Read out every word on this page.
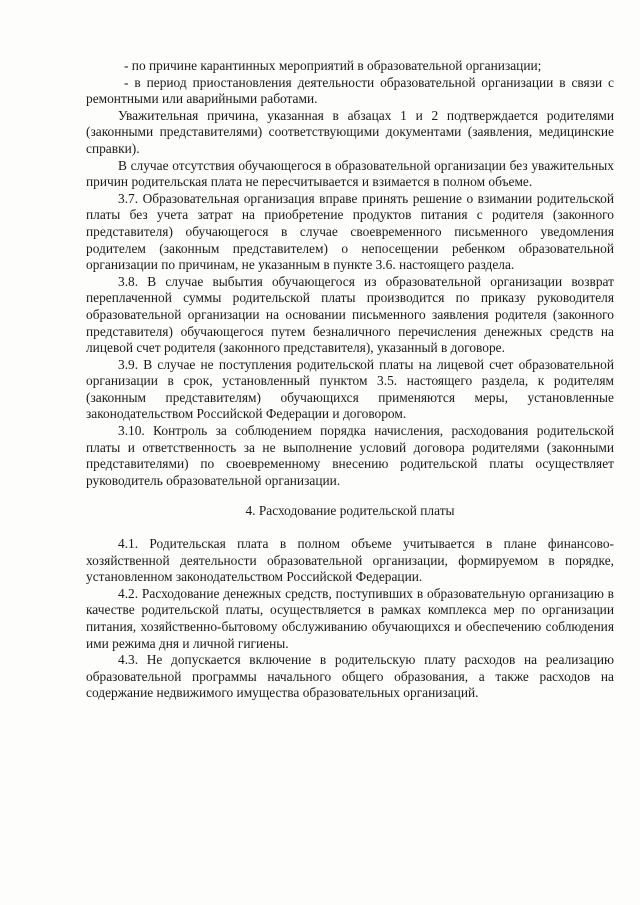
- по причине карантинных мероприятий в образовательной организации;

- в период приостановления деятельности образовательной организации в связи с ремонтными или аварийными работами.

Уважительная причина, указанная в абзацах 1 и 2 подтверждается родителями (законными представителями) соответствующими документами (заявления, медицинские справки).

В случае отсутствия обучающегося в образовательной организации без уважительных причин родительская плата не пересчитывается и взимается в полном объеме.

3.7. Образовательная организация вправе принять решение о взимании родительской платы без учета затрат на приобретение продуктов питания с родителя (законного представителя) обучающегося в случае своевременного письменного уведомления родителем (законным представителем) о непосещении ребенком образовательной организации по причинам, не указанным в пункте 3.6. настоящего раздела.

3.8. В случае выбытия обучающегося из образовательной организации возврат переплаченной суммы родительской платы производится по приказу руководителя образовательной организации на основании письменного заявления родителя (законного представителя) обучающегося путем безналичного перечисления денежных средств на лицевой счет родителя (законного представителя), указанный в договоре.

3.9. В случае не поступления родительской платы на лицевой счет образовательной организации в срок, установленный пунктом 3.5. настоящего раздела, к родителям (законным представителям) обучающихся применяются меры, установленные законодательством Российской Федерации и договором.

3.10. Контроль за соблюдением порядка начисления, расходования родительской платы и ответственность за не выполнение условий договора родителями (законными представителями) по своевременному внесению родительской платы осуществляет руководитель образовательной организации.

4. Расходование родительской платы

4.1. Родительская плата в полном объеме учитывается в плане финансово-хозяйственной деятельности образовательной организации, формируемом в порядке, установленном законодательством Российской Федерации.

4.2. Расходование денежных средств, поступивших в образовательную организацию в качестве родительской платы, осуществляется в рамках комплекса мер по организации питания, хозяйственно-бытовому обслуживанию обучающихся и обеспечению соблюдения ими режима дня и личной гигиены.

4.3. Не допускается включение в родительскую плату расходов на реализацию образовательной программы начального общего образования, а также расходов на содержание недвижимого имущества образовательных организаций.
